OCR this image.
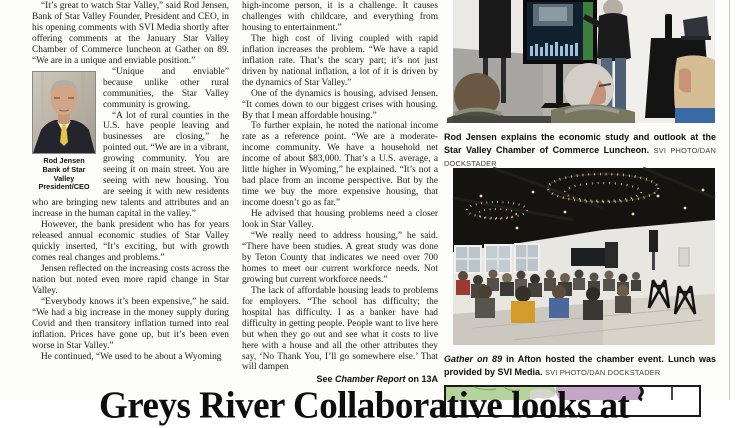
“It’s great to watch Star Valley,” said Rod Jensen, Bank of Star Valley Founder, President and CEO, in his opening comments with SVI Media shortly after offering comments at the January Star Valley Chamber of Commerce luncheon at Gather on 89. “We are in a unique and enviable position.”

Rod Jensen
Bank of Star Valley
President/CEO

“Unique and enviable” because unlike other rural communities, the Star Valley community is growing.

“A lot of rural counties in the U.S. have people leaving and businesses are closing,” he pointed out. “We are in a vibrant, growing community. You are seeing it on main street. You are seeing with new housing. You are seeing it with new residents who are bringing new talents and attributes and an increase in the human capital in the valley.”

However, the bank president who has for years released annual economic studies of Star Valley quickly inserted, “It’s exciting, but with growth comes real changes and problems.”

Jensen reflected on the increasing costs across the nation but noted even more rapid change in Star Valley.

“Everybody knows it’s been expensive,” he said. “We had a big increase in the money supply during Covid and then transitory inflation turned into real inflation. Prices have gone up, but it’s been even worse in Star Valley.”

He continued, “We used to be about a Wyoming

high-income person, it is a challenge. It causes challenges with childcare, and everything from housing to entertainment.”

The high cost of living coupled with rapid inflation increases the problem. “We have a rapid inflation rate. That’s the scary part; it’s not just driven by national inflation, a lot of it is driven by the dynamics of Star Valley.”

One of the dynamics is housing, advised Jensen. “It comes down to our biggest crises with housing. By that I mean affordable housing.”

To further explain, he noted the national income rate as a reference point. “We are a moderate-income community. We have a household net income of about $83,000. That’s a U.S. average, a little higher in Wyoming,” he explained. “It’s not a bad place from an income perspective. But by the time we buy the more expensive housing, that income doesn’t go as far.”

He advised that housing problems need a closer look in Star Valley.

“We really need to address housing,” he said. “There have been studies. A great study was done by Teton County that indicates we need over 700 homes to meet our current workforce needs. Not growing but current workforce needs.”

The lack of affordable housing leads to problems for employers. “The school has difficulty; the hospital has difficulty. I as a banker have had difficulty in getting people. People want to live here but when they go out and see what it costs to live here with a house and all the other attributes they say, ‘No Thank You, I’ll go somewhere else.’ That will dampen

See Chamber Report on 13A
Rod Jensen explains the economic study and outlook at the Star Valley Chamber of Commerce Luncheon. SVI PHOTO/DAN DOCKSTADER
Gather on 89 in Afton hosted the chamber event. Lunch was provided by SVI Media. SVI PHOTO/DAN DOCKSTADER
Greys River Collaborative looks at
